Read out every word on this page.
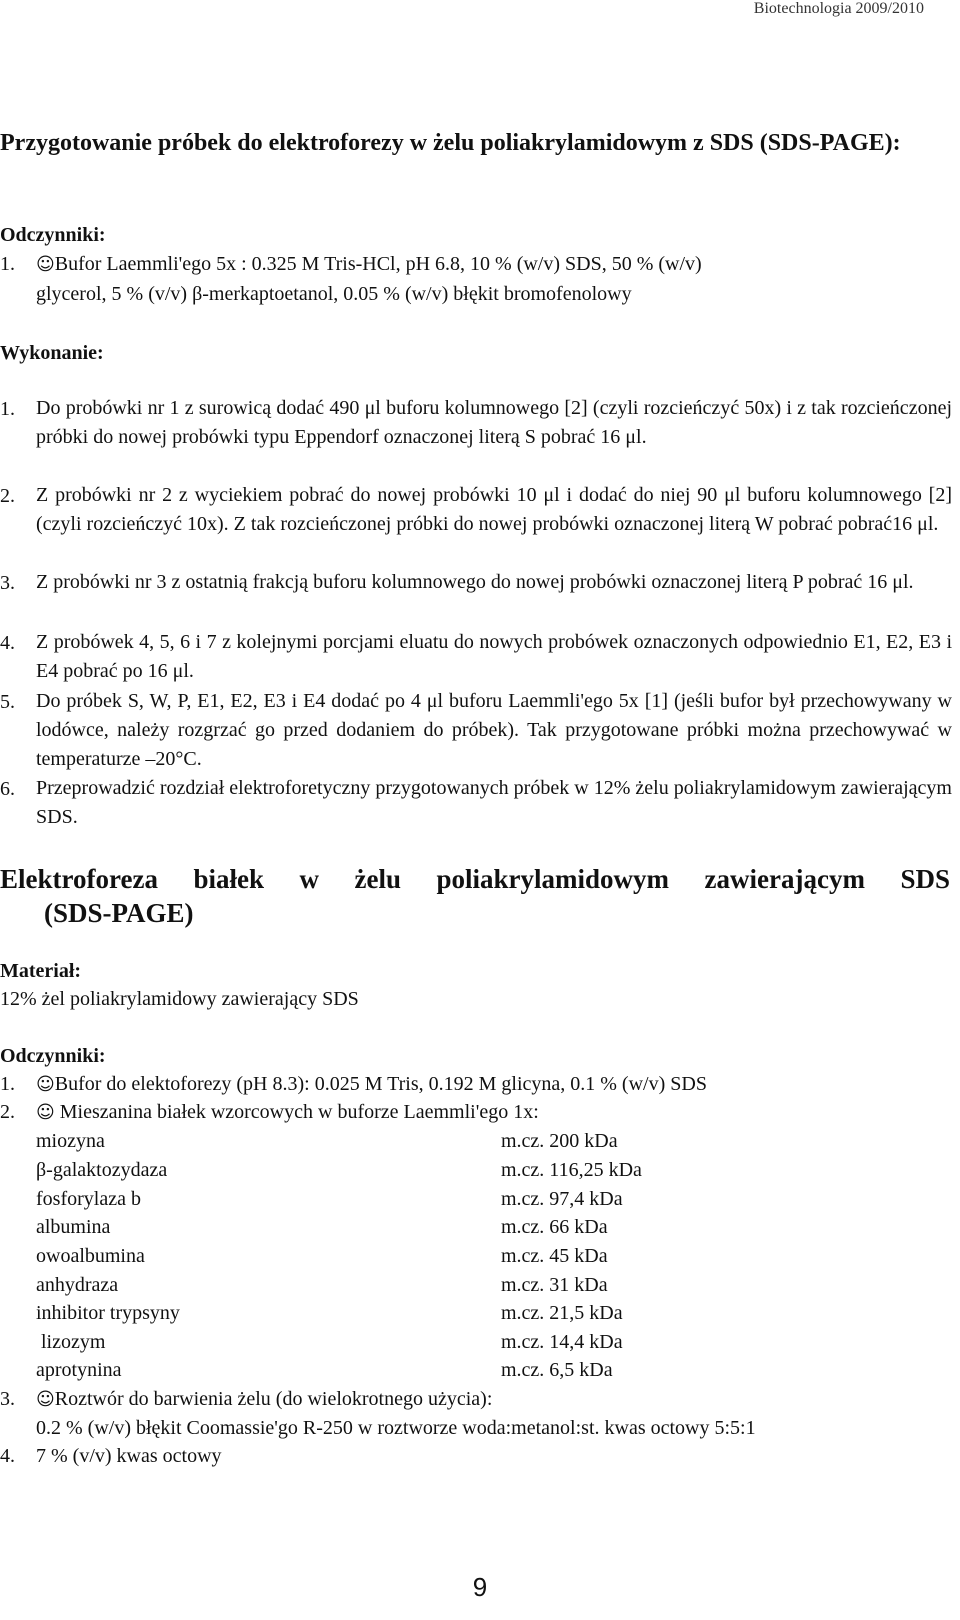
Biotechnologia 2009/2010
Przygotowanie próbek do elektroforezy w żelu poliakrylamidowym z SDS (SDS-PAGE):
Odczynniki:
1. ☺Bufor Laemmli'ego 5x : 0.325 M Tris-HCl, pH 6.8, 10 % (w/v) SDS, 50 % (w/v)
glycerol, 5 % (v/v) β-merkaptoetanol, 0.05 % (w/v) błękit bromofenolowy
Wykonanie:
1. Do probówki nr 1 z surowicą dodać 490 μl buforu kolumnowego [2] (czyli rozcieńczyć 50x) i z tak rozcieńczonej próbki do nowej probówki typu Eppendorf oznaczonej literą S pobrać 16 μl.
2. Z probówki nr 2 z wyciekiem pobrać do nowej probówki 10 μl i dodać do niej 90 μl buforu kolumnowego [2] (czyli rozcieńczyć 10x). Z tak rozcieńczonej próbki do nowej probówki oznaczonej literą W pobrać pobrać16 μl.
3. Z probówki nr 3 z ostatnią frakcją buforu kolumnowego do nowej probówki oznaczonej literą P pobrać 16 μl.
4. Z probówek 4, 5, 6 i 7 z kolejnymi porcjami eluatu do nowych probówek oznaczonych odpowiednio E1, E2, E3 i E4 pobrać po 16 μl.
5. Do próbek S, W, P, E1, E2, E3 i E4 dodać po 4 μl buforu Laemmli'ego 5x [1] (jeśli bufor był przechowywany w lodówce, należy rozgrzać go przed dodaniem do próbek). Tak przygotowane próbki można przechowywać w temperaturze –20°C.
6. Przeprowadzić rozdział elektroforetyczny przygotowanych próbek w 12% żelu poliakrylamidowym zawierającym SDS.
Elektroforeza białek w żelu poliakrylamidowym zawierającym SDS
(SDS-PAGE)
Materiał:
12% żel poliakrylamidowy zawierający SDS
Odczynniki:
1. ☺Bufor do elektoforezy (pH 8.3): 0.025 M Tris, 0.192 M glicyna, 0.1 % (w/v) SDS
2. ☺ Mieszanina białek wzorcowych w buforze Laemmli'ego 1x:
miozyna	m.cz. 200 kDa
β-galaktozydaza	m.cz. 116,25 kDa
fosforylaza b	m.cz. 97,4 kDa
albumina	m.cz. 66 kDa
owoalbumina	m.cz. 45 kDa
anhydraza	m.cz. 31 kDa
inhibitor trypsyny	m.cz. 21,5 kDa
lizozym	m.cz. 14,4 kDa
aprotynina	m.cz. 6,5 kDa
3. ☺Roztwór do barwienia żelu (do wielokrotnego użycia):
0.2 % (w/v) błękit Coomassie'go R-250 w roztworze woda:metanol:st. kwas octowy 5:5:1
4. 7 % (v/v) kwas octowy
9
